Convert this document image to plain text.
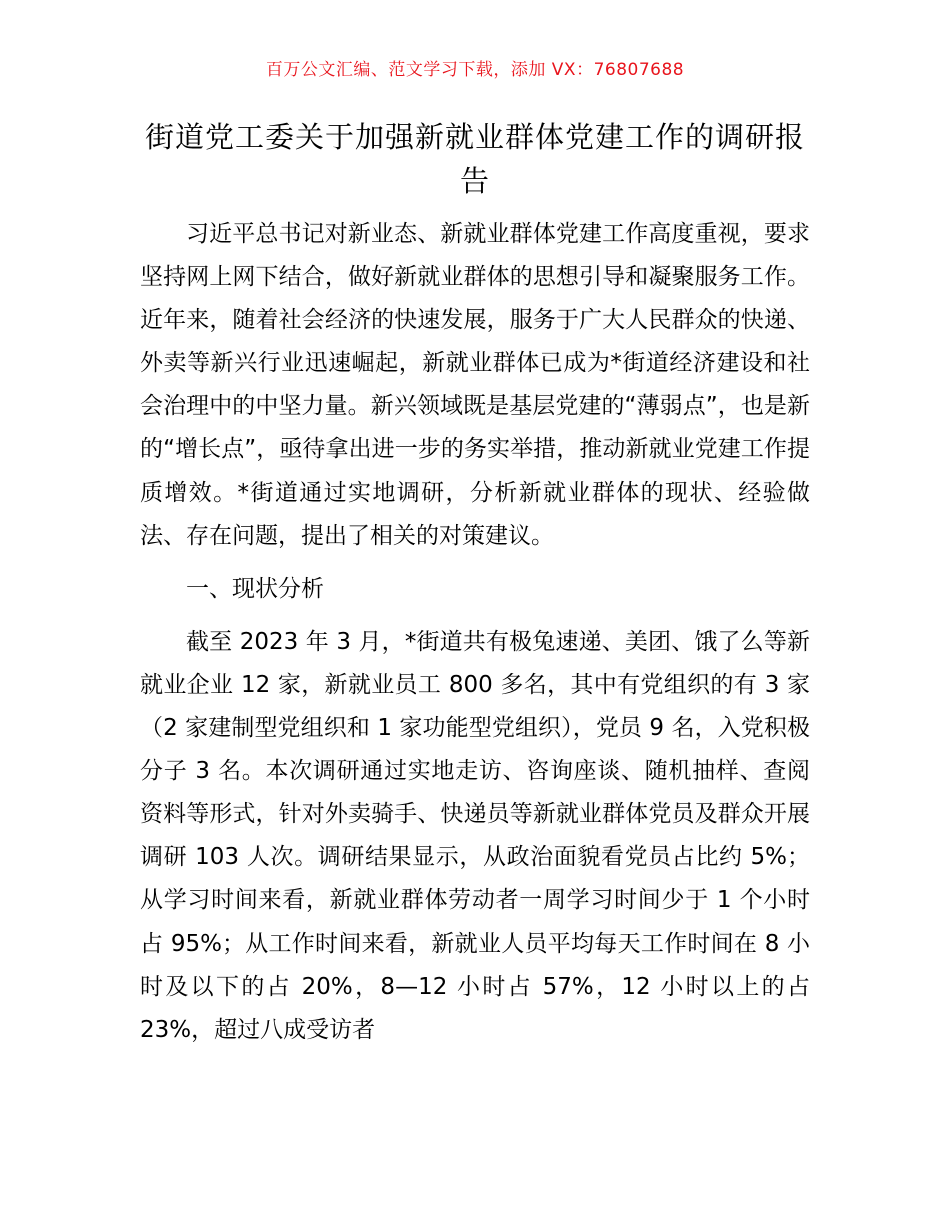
百万公文汇编、范文学习下载，添加 VX：76807688
街道党工委关于加强新就业群体党建工作的调研报告

习近平总书记对新业态、新就业群体党建工作高度重视，要求坚持网上网下结合，做好新就业群体的思想引导和凝聚服务工作。近年来，随着社会经济的快速发展，服务于广大人民群众的快递、外卖等新兴行业迅速崛起，新就业群体已成为*街道经济建设和社会治理中的中坚力量。新兴领域既是基层党建的“薄弱点”，也是新的“增长点”，亟待拿出进一步的务实举措，推动新就业党建工作提质增效。*街道通过实地调研，分析新就业群体的现状、经验做法、存在问题，提出了相关的对策建议。

一、现状分析

截至 2023 年 3 月，*街道共有极兔速递、美团、饿了么等新就业企业 12 家，新就业员工 800 多名，其中有党组织的有 3 家（2 家建制型党组织和 1 家功能型党组织），党员 9 名，入党积极分子 3 名。本次调研通过实地走访、咨询座谈、随机抽样、查阅资料等形式，针对外卖骑手、快递员等新就业群体党员及群众开展调研 103 人次。调研结果显示，从政治面貌看党员占比约 5%；从学习时间来看，新就业群体劳动者一周学习时间少于 1 个小时占 95%；从工作时间来看，新就业人员平均每天工作时间在 8 小时及以下的占 20%，8—12 小时占 57%，12 小时以上的占 23%，超过八成受访者
